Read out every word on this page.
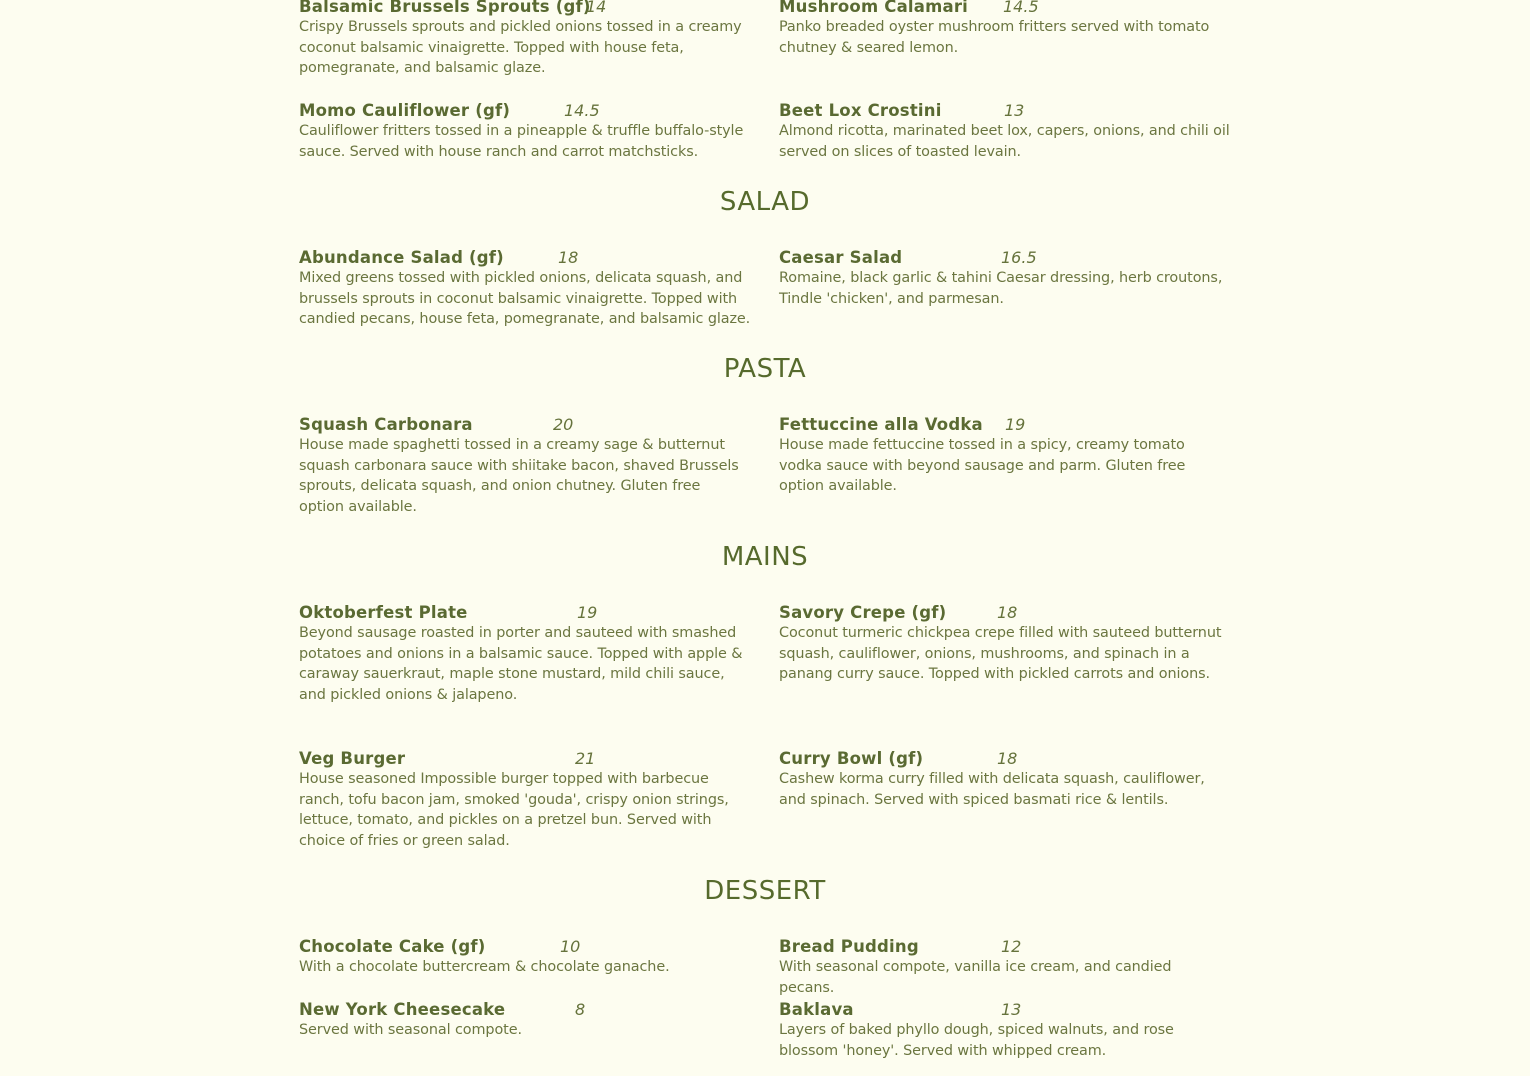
Balsamic Brussels Sprouts (gf)
14
Crispy Brussels sprouts and pickled onions tossed in a creamy coconut balsamic vinaigrette. Topped with house feta, pomegranate, and balsamic glaze.
Mushroom Calamari 14.5
Panko breaded oyster mushroom fritters served with tomato chutney & seared lemon.
Momo Cauliflower (gf)	14.5
Cauliflower fritters tossed in a pineapple & truffle buffalo-style sauce. Served with house ranch and carrot matchsticks.
Beet Lox Crostini	13
Almond ricotta, marinated beet lox, capers, onions, and chili oil served on slices of toasted levain.
SALAD
Abundance Salad (gf)	18
Mixed greens tossed with pickled onions, delicata squash, and brussels sprouts in coconut balsamic vinaigrette. Topped with candied pecans, house feta, pomegranate, and balsamic glaze.
Caesar Salad	16.5
Romaine, black garlic & tahini Caesar dressing, herb croutons, Tindle 'chicken', and parmesan.
PASTA
Squash Carbonara	20
House made spaghetti tossed in a creamy sage & butternut squash carbonara sauce with shiitake bacon, shaved Brussels sprouts, delicata squash, and onion chutney. Gluten free option available.
Fettuccine alla Vodka 19
House made fettuccine tossed in a spicy, creamy tomato vodka sauce with beyond sausage and parm. Gluten free option available.
MAINS
Oktoberfest Plate	19
Beyond sausage roasted in porter and sauteed with smashed potatoes and onions in a balsamic sauce. Topped with apple & caraway sauerkraut, maple stone mustard, mild chili sauce, and pickled onions & jalapeno.
Savory Crepe (gf)	18
Coconut turmeric chickpea crepe filled with sauteed butternut squash, cauliflower, onions, mushrooms, and spinach in a panang curry sauce. Topped with pickled carrots and onions.
Veg Burger	21
House seasoned Impossible burger topped with barbecue ranch, tofu bacon jam, smoked 'gouda', crispy onion strings, lettuce, tomato, and pickles on a pretzel bun. Served with choice of fries or green salad.
Curry Bowl (gf)	18
Cashew korma curry filled with delicata squash, cauliflower, and spinach. Served with spiced basmati rice & lentils.
DESSERT
Chocolate Cake (gf)	10
With a chocolate buttercream & chocolate ganache.
Bread Pudding	12
With seasonal compote, vanilla ice cream, and candied pecans.
New York Cheesecake	8
Served with seasonal compote.
Baklava	13
Layers of baked phyllo dough, spiced walnuts, and rose blossom 'honey'. Served with whipped cream.
